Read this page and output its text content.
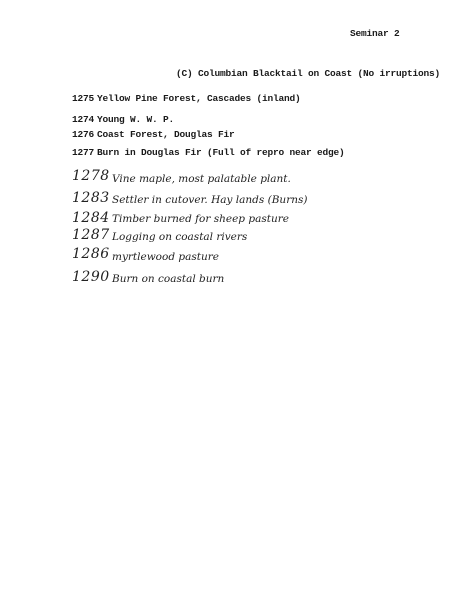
Seminar 2
(C) Columbian Blacktail on Coast (No irruptions)
1275 Yellow Pine Forest, Cascades (inland)
1274 Young W. W. P.
1276 Coast Forest, Douglas Fir
1277 Burn in Douglas Fir (Full of repro near edge)
1278 Vine maple, most palatable plant.
1283 Settler in cutover. Hay lands (Burns)
1284 Timber burned for sheep pasture
1287 Logging on coastal rivers
1286 myrtlewood pasture
1290 Burn on coastal burn
